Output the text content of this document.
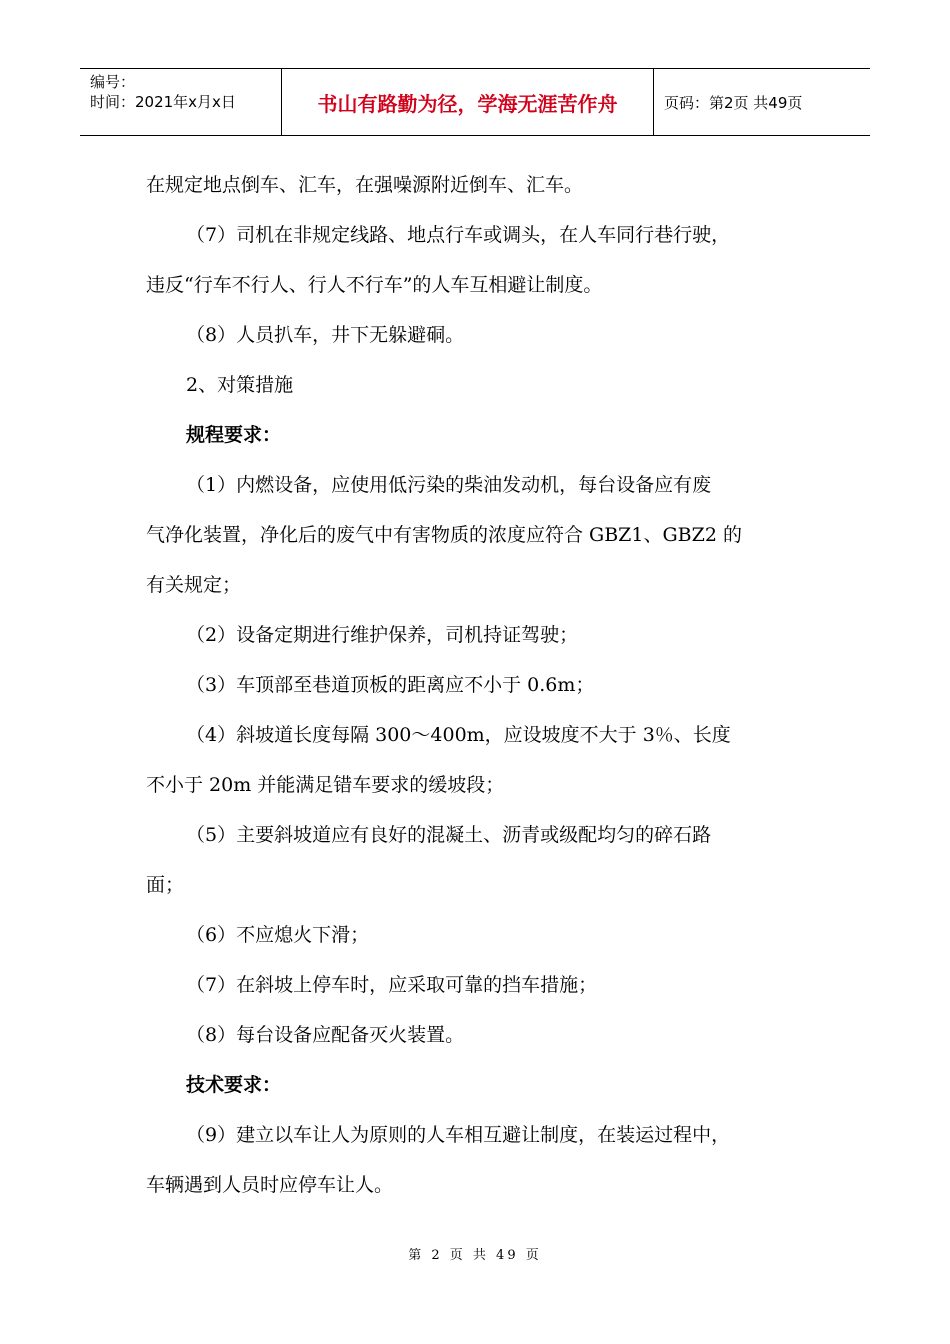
编号：
时间：2021年x月x日	书山有路勤为径，学海无涯苦作舟	页码：第2页 共49页
在规定地点倒车、汇车，在强噪源附近倒车、汇车。
（7）司机在非规定线路、地点行车或调头，在人车同行巷行驶，
违反“行车不行人、行人不行车”的人车互相避让制度。
（8）人员扒车，井下无躲避硐。
2、对策措施
规程要求：
（1）内燃设备，应使用低污染的柴油发动机，每台设备应有废
气净化装置，净化后的废气中有害物质的浓度应符合 GBZ1、GBZ2 的
有关规定；
（2）设备定期进行维护保养，司机持证驾驶；
（3）车顶部至巷道顶板的距离应不小于 0.6m；
（4）斜坡道长度每隔 300～400m，应设坡度不大于 3％、长度
不小于 20m 并能满足错车要求的缓坡段；
（5）主要斜坡道应有良好的混凝土、沥青或级配均匀的碎石路
面；
（6）不应熄火下滑；
（7）在斜坡上停车时，应采取可靠的挡车措施；
（8）每台设备应配备灭火装置。
技术要求：
（9）建立以车让人为原则的人车相互避让制度，在装运过程中，
车辆遇到人员时应停车让人。
第 2 页 共 49 页
